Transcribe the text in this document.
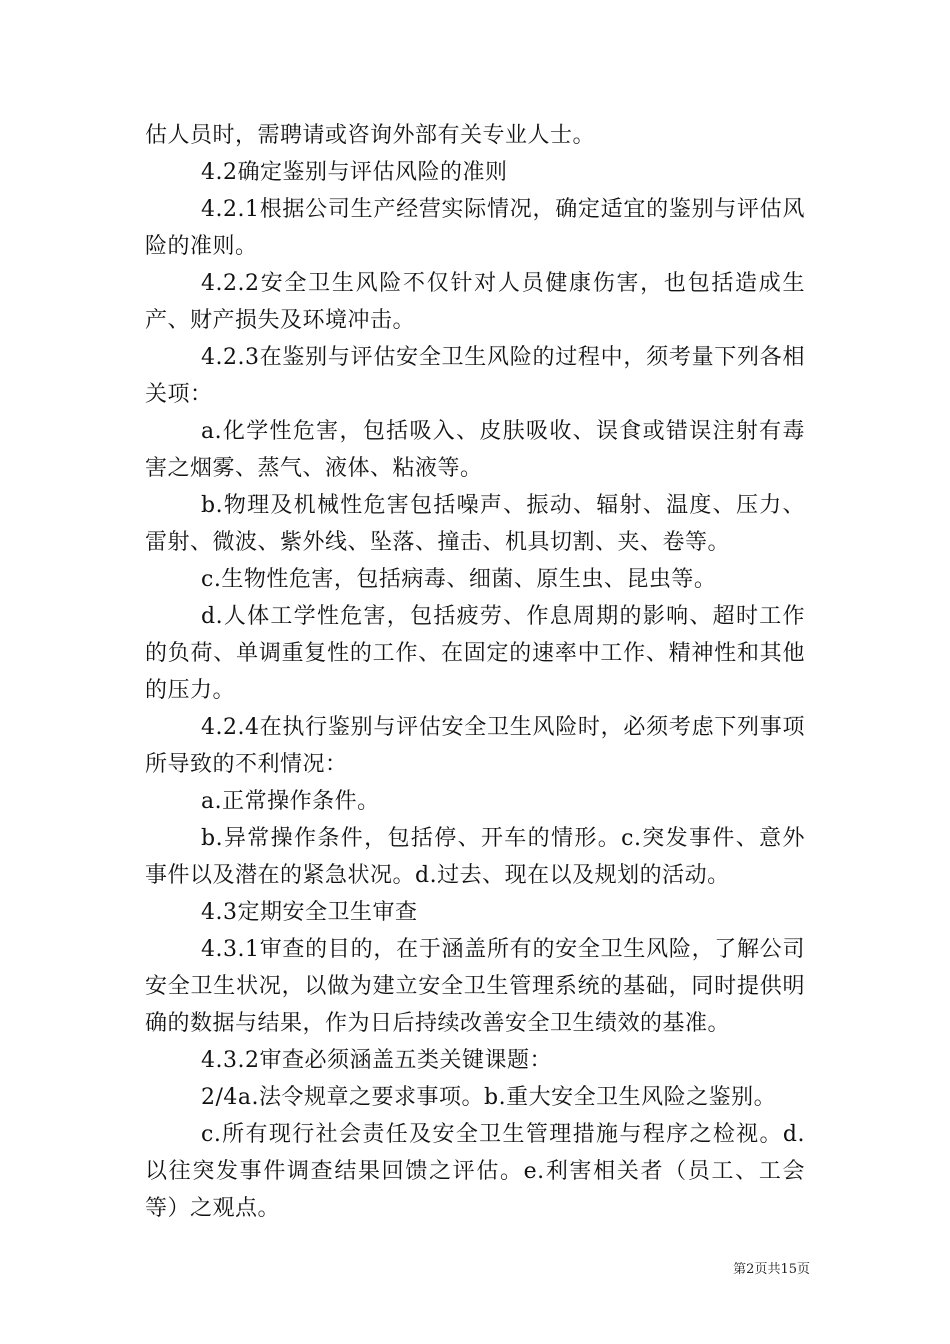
估人员时，需聘请或咨询外部有关专业人士。

4.2确定鉴别与评估风险的准则

4.2.1根据公司生产经营实际情况，确定适宜的鉴别与评估风险的准则。

4.2.2安全卫生风险不仅针对人员健康伤害，也包括造成生产、财产损失及环境冲击。

4.2.3在鉴别与评估安全卫生风险的过程中，须考量下列各相关项：

a.化学性危害，包括吸入、皮肤吸收、误食或错误注射有毒害之烟雾、蒸气、液体、粘液等。

b.物理及机械性危害包括噪声、振动、辐射、温度、压力、雷射、微波、紫外线、坠落、撞击、机具切割、夹、卷等。

c.生物性危害，包括病毒、细菌、原生虫、昆虫等。

d.人体工学性危害，包括疲劳、作息周期的影响、超时工作的负荷、单调重复性的工作、在固定的速率中工作、精神性和其他的压力。

4.2.4在执行鉴别与评估安全卫生风险时，必须考虑下列事项所导致的不利情况：

a.正常操作条件。

b.异常操作条件，包括停、开车的情形。c.突发事件、意外事件以及潜在的紧急状况。d.过去、现在以及规划的活动。

4.3定期安全卫生审查

4.3.1审查的目的，在于涵盖所有的安全卫生风险，了解公司安全卫生状况，以做为建立安全卫生管理系统的基础，同时提供明确的数据与结果，作为日后持续改善安全卫生绩效的基准。

4.3.2审查必须涵盖五类关键课题：

2/4a.法令规章之要求事项。b.重大安全卫生风险之鉴别。

c.所有现行社会责任及安全卫生管理措施与程序之检视。d.以往突发事件调查结果回馈之评估。e.利害相关者（员工、工会等）之观点。

第2页共15页
